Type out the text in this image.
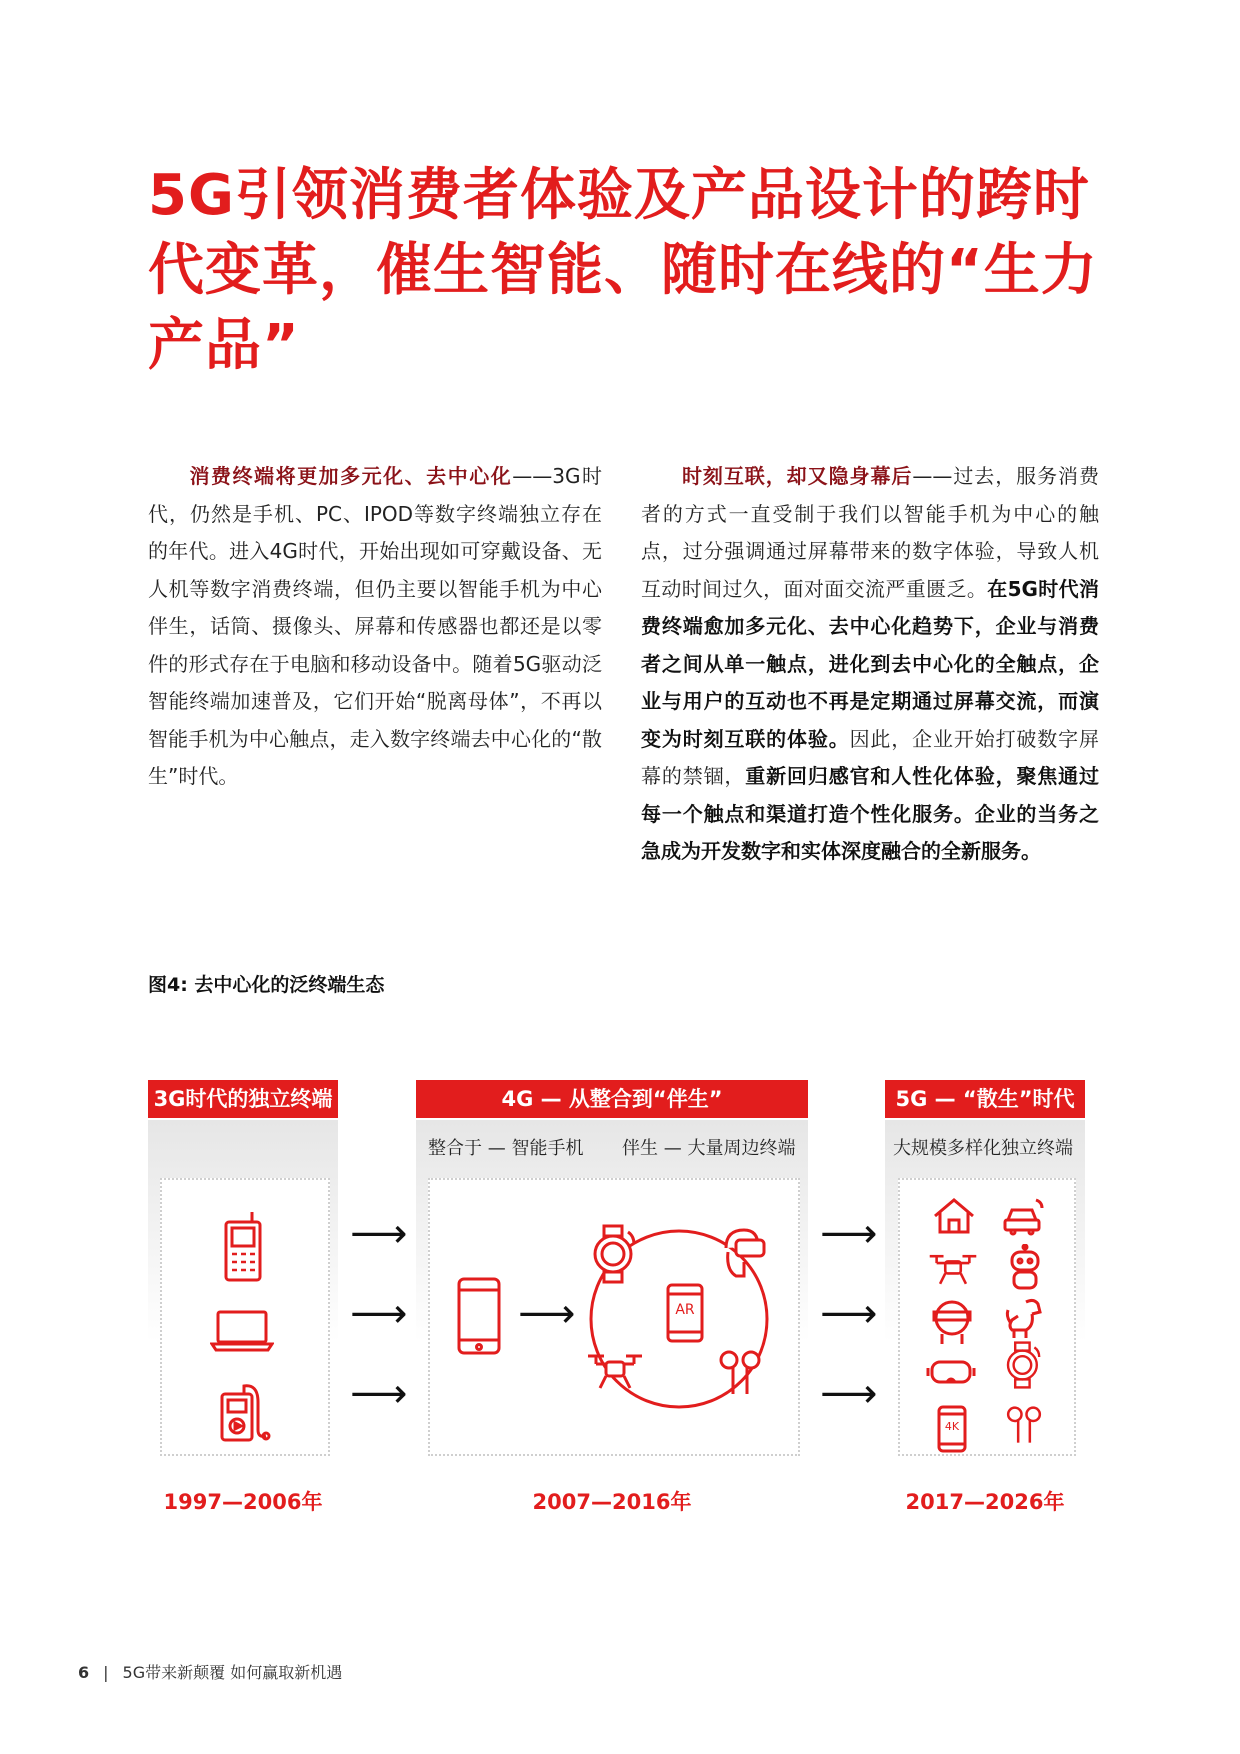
5G引领消费者体验及产品设计的跨时代变革，催生智能、随时在线的“生力产品”

  消费终端将更加多元化、去中心化——3G时代，仍然是手机、PC、IPOD等数字终端独立存在的年代。进入4G时代，开始出现如可穿戴设备、无人机等数字消费终端，但仍主要以智能手机为中心伴生，话筒、摄像头、屏幕和传感器也都还是以零件的形式存在于电脑和移动设备中。随着5G驱动泛智能终端加速普及，它们开始“脱离母体”，不再以智能手机为中心触点，走入数字终端去中心化的“散生”时代。

  时刻互联，却又隐身幕后——过去，服务消费者的方式一直受制于我们以智能手机为中心的触点，过分强调通过屏幕带来的数字体验，导致人机互动时间过久，面对面交流严重匮乏。在5G时代消费终端愈加多元化、去中心化趋势下，企业与消费者之间从单一触点，进化到去中心化的全触点，企业与用户的互动也不再是定期通过屏幕交流，而演变为时刻互联的体验。因此，企业开始打破数字屏幕的禁锢，重新回归感官和人性化体验，聚焦通过每一个触点和渠道打造个性化服务。企业的当务之急成为开发数字和实体深度融合的全新服务。

图4: 去中心化的泛终端生态
3G时代的独立终端	4G — 从整合到“伴生”	5G — “散生”时代
整合于 — 智能手机 伴生 — 大量周边终端	大规模多样化独立终端
⟶
⟶
⟶
⟶	AR
⟶
⟶
⟶
4K
1997—2006年	2007—2016年	2017—2026年
6 | 5G带来新颠覆 如何赢取新机遇
